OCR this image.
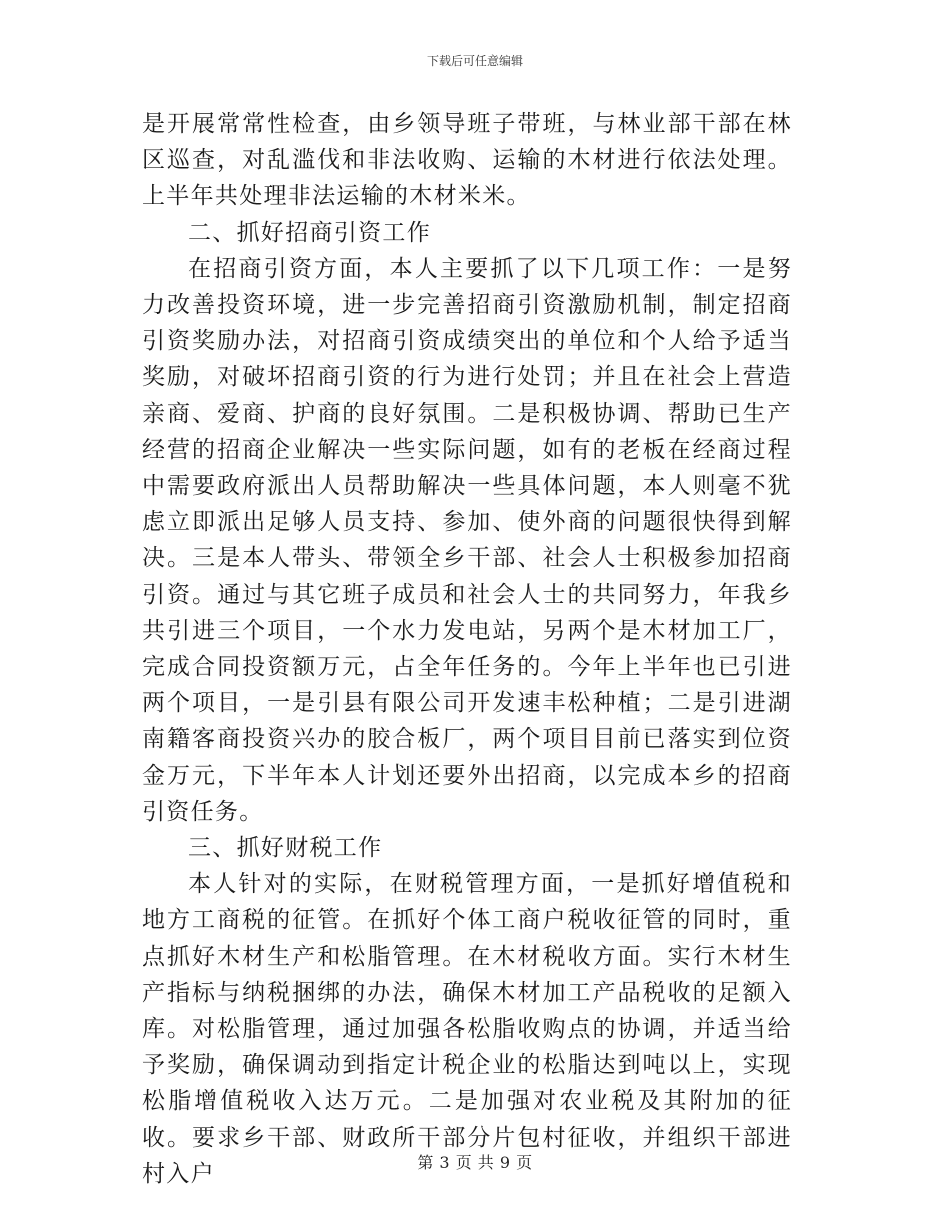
下载后可任意编辑

是开展常常性检查，由乡领导班子带班，与林业部干部在林区巡查，对乱滥伐和非法收购、运输的木材进行依法处理。上半年共处理非法运输的木材米米。

二、抓好招商引资工作

在招商引资方面，本人主要抓了以下几项工作：一是努力改善投资环境，进一步完善招商引资激励机制，制定招商引资奖励办法，对招商引资成绩突出的单位和个人给予适当奖励，对破坏招商引资的行为进行处罚；并且在社会上营造亲商、爱商、护商的良好氛围。二是积极协调、帮助已生产经营的招商企业解决一些实际问题，如有的老板在经商过程中需要政府派出人员帮助解决一些具体问题，本人则毫不犹虑立即派出足够人员支持、参加、使外商的问题很快得到解决。三是本人带头、带领全乡干部、社会人士积极参加招商引资。通过与其它班子成员和社会人士的共同努力，年我乡共引进三个项目，一个水力发电站，另两个是木材加工厂，完成合同投资额万元，占全年任务的。今年上半年也已引进两个项目，一是引县有限公司开发速丰松种植；二是引进湖南籍客商投资兴办的胶合板厂，两个项目目前已落实到位资金万元，下半年本人计划还要外出招商，以完成本乡的招商引资任务。

三、抓好财税工作

本人针对的实际，在财税管理方面，一是抓好增值税和地方工商税的征管。在抓好个体工商户税收征管的同时，重点抓好木材生产和松脂管理。在木材税收方面。实行木材生产指标与纳税捆绑的办法，确保木材加工产品税收的足额入库。对松脂管理，通过加强各松脂收购点的协调，并适当给予奖励，确保调动到指定计税企业的松脂达到吨以上，实现松脂增值税收入达万元。二是加强对农业税及其附加的征收。要求乡干部、财政所干部分片包村征收，并组织干部进村入户	第 3 页 共 9 页
